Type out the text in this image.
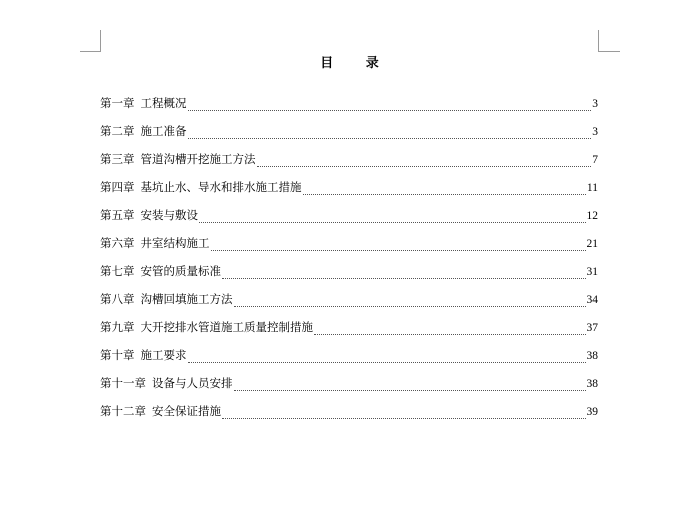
目 录
第一章 工程概况	3
第二章 施工准备	3
第三章 管道沟槽开挖施工方法	7
第四章 基坑止水、导水和排水施工措施	11
第五章 安装与敷设	12
第六章 井室结构施工	21
第七章 安管的质量标准	31
第八章 沟槽回填施工方法	34
第九章 大开挖排水管道施工质量控制措施	37
第十章 施工要求	38
第十一章 设备与人员安排	38
第十二章 安全保证措施	39
